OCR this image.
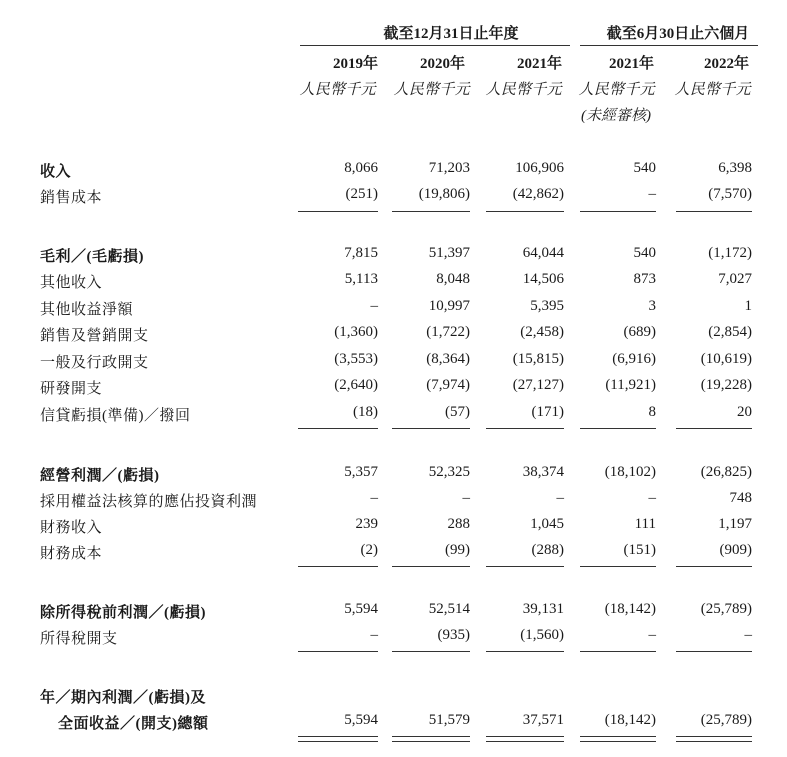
截至12月31日止年度	截至6月30日止六個月
2019年	2020年	2021年	2021年	2022年
人民幣千元	人民幣千元	人民幣千元	人民幣千元	人民幣千元
(未經審核)
收入	8,066	71,203	106,906	540	6,398
銷售成本	(251)	(19,806)	(42,862)	–	(7,570)
毛利／(毛虧損)	7,815	51,397	64,044	540	(1,172)
其他收入	5,113	8,048	14,506	873	7,027
其他收益淨額	–	10,997	5,395	3	1
銷售及營銷開支	(1,360)	(1,722)	(2,458)	(689)	(2,854)
一般及行政開支	(3,553)	(8,364)	(15,815)	(6,916)	(10,619)
研發開支	(2,640)	(7,974)	(27,127)	(11,921)	(19,228)
信貸虧損(準備)／撥回	(18)	(57)	(171)	8	20
經營利潤／(虧損)	5,357	52,325	38,374	(18,102)	(26,825)
採用權益法核算的應佔投資利潤	–	–	–	–	748
財務收入	239	288	1,045	111	1,197
財務成本	(2)	(99)	(288)	(151)	(909)
除所得稅前利潤／(虧損)	5,594	52,514	39,131	(18,142)	(25,789)
所得稅開支	–	(935)	(1,560)	–	–
年／期內利潤／(虧損)及
全面收益／(開支)總額	5,594	51,579	37,571	(18,142)	(25,789)
